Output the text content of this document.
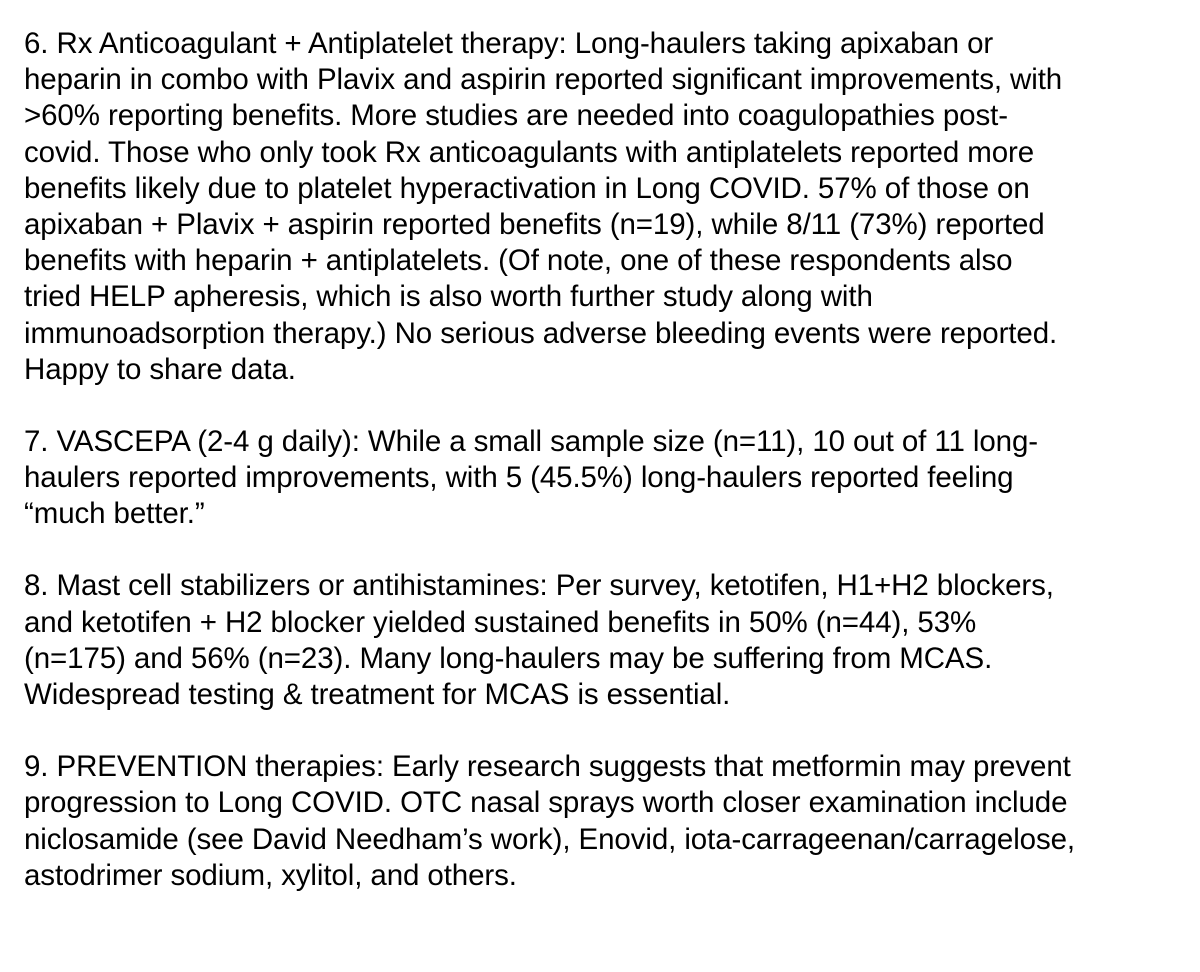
6. Rx Anticoagulant + Antiplatelet therapy: Long-haulers taking apixaban or
heparin in combo with Plavix and aspirin reported significant improvements, with
>60% reporting benefits. More studies are needed into coagulopathies post-
covid. Those who only took Rx anticoagulants with antiplatelets reported more
benefits likely due to platelet hyperactivation in Long COVID. 57% of those on
apixaban + Plavix + aspirin reported benefits (n=19), while 8/11 (73%) reported
benefits with heparin + antiplatelets. (Of note, one of these respondents also
tried HELP apheresis, which is also worth further study along with
immunoadsorption therapy.) No serious adverse bleeding events were reported.
Happy to share data.
7. VASCEPA (2-4 g daily): While a small sample size (n=11), 10 out of 11 long-
haulers reported improvements, with 5 (45.5%) long-haulers reported feeling
“much better.”
8. Mast cell stabilizers or antihistamines: Per survey, ketotifen, H1+H2 blockers,
and ketotifen + H2 blocker yielded sustained benefits in 50% (n=44), 53%
(n=175) and 56% (n=23). Many long-haulers may be suffering from MCAS.
Widespread testing & treatment for MCAS is essential.
9. PREVENTION therapies: Early research suggests that metformin may prevent
progression to Long COVID. OTC nasal sprays worth closer examination include
niclosamide (see David Needham’s work), Enovid, iota-carrageenan/carragelose,
astodrimer sodium, xylitol, and others.
